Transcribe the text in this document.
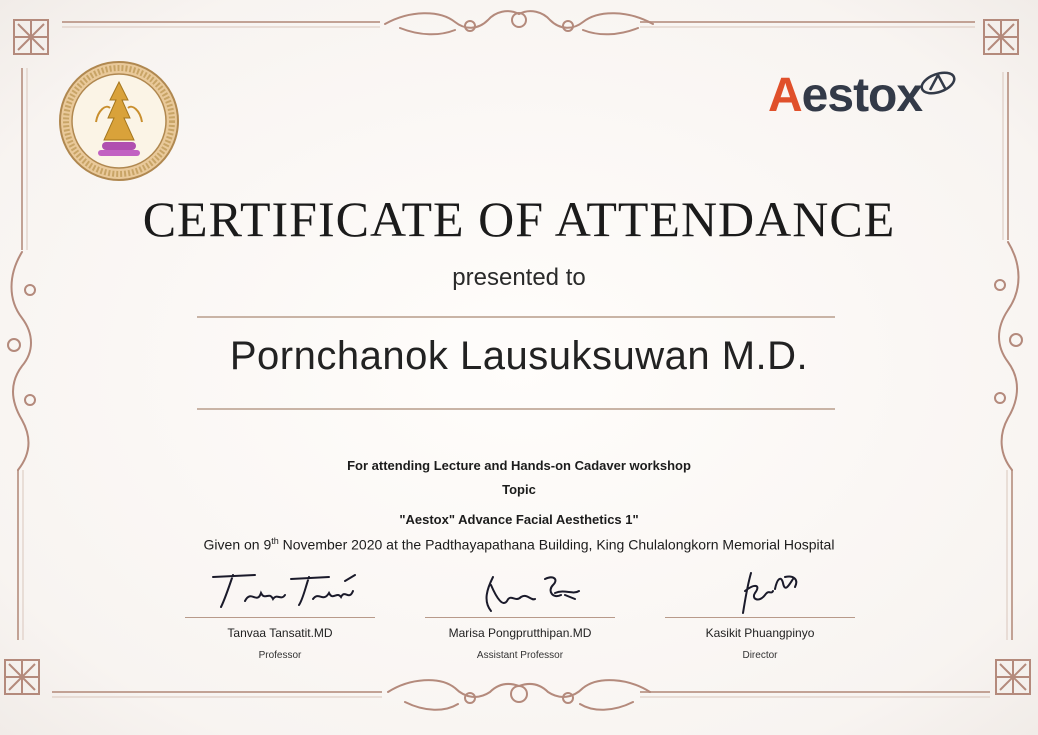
Aestox
CERTIFICATE OF ATTENDANCE
presented to
Pornchanok Lausuksuwan M.D.
For attending Lecture and Hands-on Cadaver workshop
Topic
"Aestox" Advance Facial Aesthetics 1"
Given on 9th November 2020 at the Padthayapathana Building, King Chulalongkorn Memorial Hospital
Tanvaa Tansatit.MD
Professor
Marisa Pongprutthipan.MD
Assistant Professor
Kasikit Phuangpinyo
Director
